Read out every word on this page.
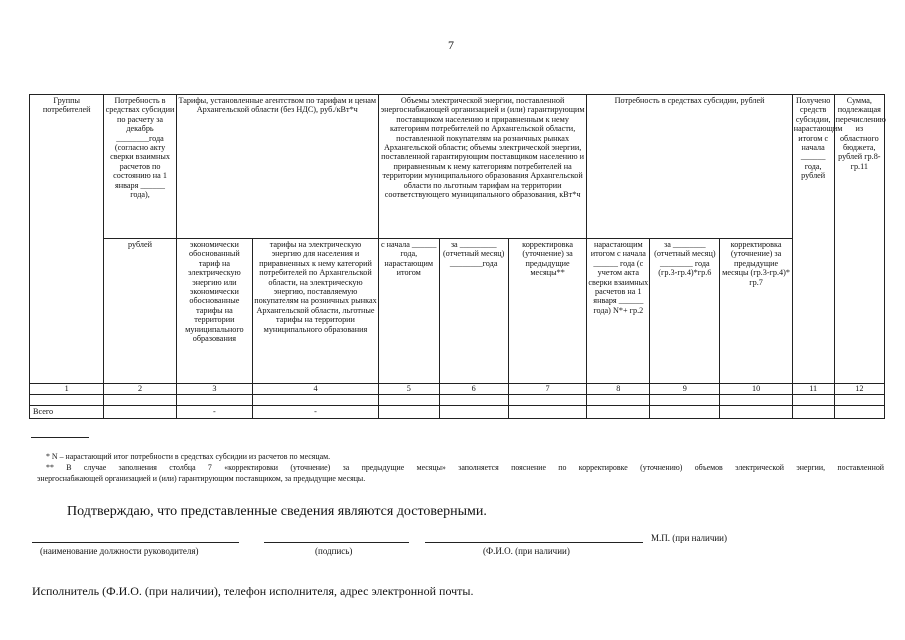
7
Группы потребителей	Потребность в средствах субсидии по расчету за декабрь ________года (согласно акту сверки взаимных расчетов по состоянию на 1 января ______ года),	Тарифы, установленные агентством по тарифам и ценам Архангельской области (без НДС), руб./кВт*ч		Объемы электрической энергии, поставленной энергоснабжающей организацией и (или) гарантирующим поставщиком населению и приравненным к нему категориям потребителей по Архангельской области, поставленной покупателям на розничных рынках Архангельской области; объемы электрической энергии, поставленной гарантирующим поставщиком населению и приравненным к нему категориям потребителей на территории муниципального образования Архангельской области по льготным тарифам на территории соответствующего муниципального образования, кВт*ч			Потребность в средствах субсидии, рублей			Получено средств субсидии, нарастающим итогом с начала ______ года, рублей	Сумма, подлежащая перечислению из областного бюджета, рублей гр.8-гр.11
	рублей	экономически обоснованный тариф на электрическую энергию или экономически обоснованные тарифы на территории муниципального образования	тарифы на электрическую энергию для населения и приравненных к нему категорий потребителей по Архангельской области, на электрическую энергию, поставляемую покупателям на розничных рынках Архангельской области, льготные тарифы на территории муниципального образования	с начала ______ года, нарастающим итогом	за _________ (отчетный месяц) ________года	корректировка (уточнение) за предыдущие месяцы**	нарастающим итогом с начала ______ года (с учетом акта сверки взаимных расчетов на 1 января ______ года) N*+ гр.2	за ________ (отчетный месяц) ________ года (гр.3-гр.4)*гр.6	корректировка (уточнение) за предыдущие месяцы (гр.3-гр.4)* гр.7		
1	2	3	4	5	6	7	8	9	10	11	12

Всего		-	-								
* N – нарастающий итог потребности в средствах субсидии из расчетов по месяцам.
** В случае заполнения столбца 7 «корректировки (уточнение) за предыдущие месяцы» заполняется пояснение по корректировке (уточнению) объемов электрической энергии, поставленной
энергоснабжающей организацией и (или) гарантирующим поставщиком, за предыдущие месяцы.
Подтверждаю, что представленные сведения являются достоверными.
М.П. (при наличии)
(наименование должности руководителя)	(подпись)	(Ф.И.О. (при наличии)
Исполнитель (Ф.И.О. (при наличии), телефон исполнителя, адрес электронной почты.
